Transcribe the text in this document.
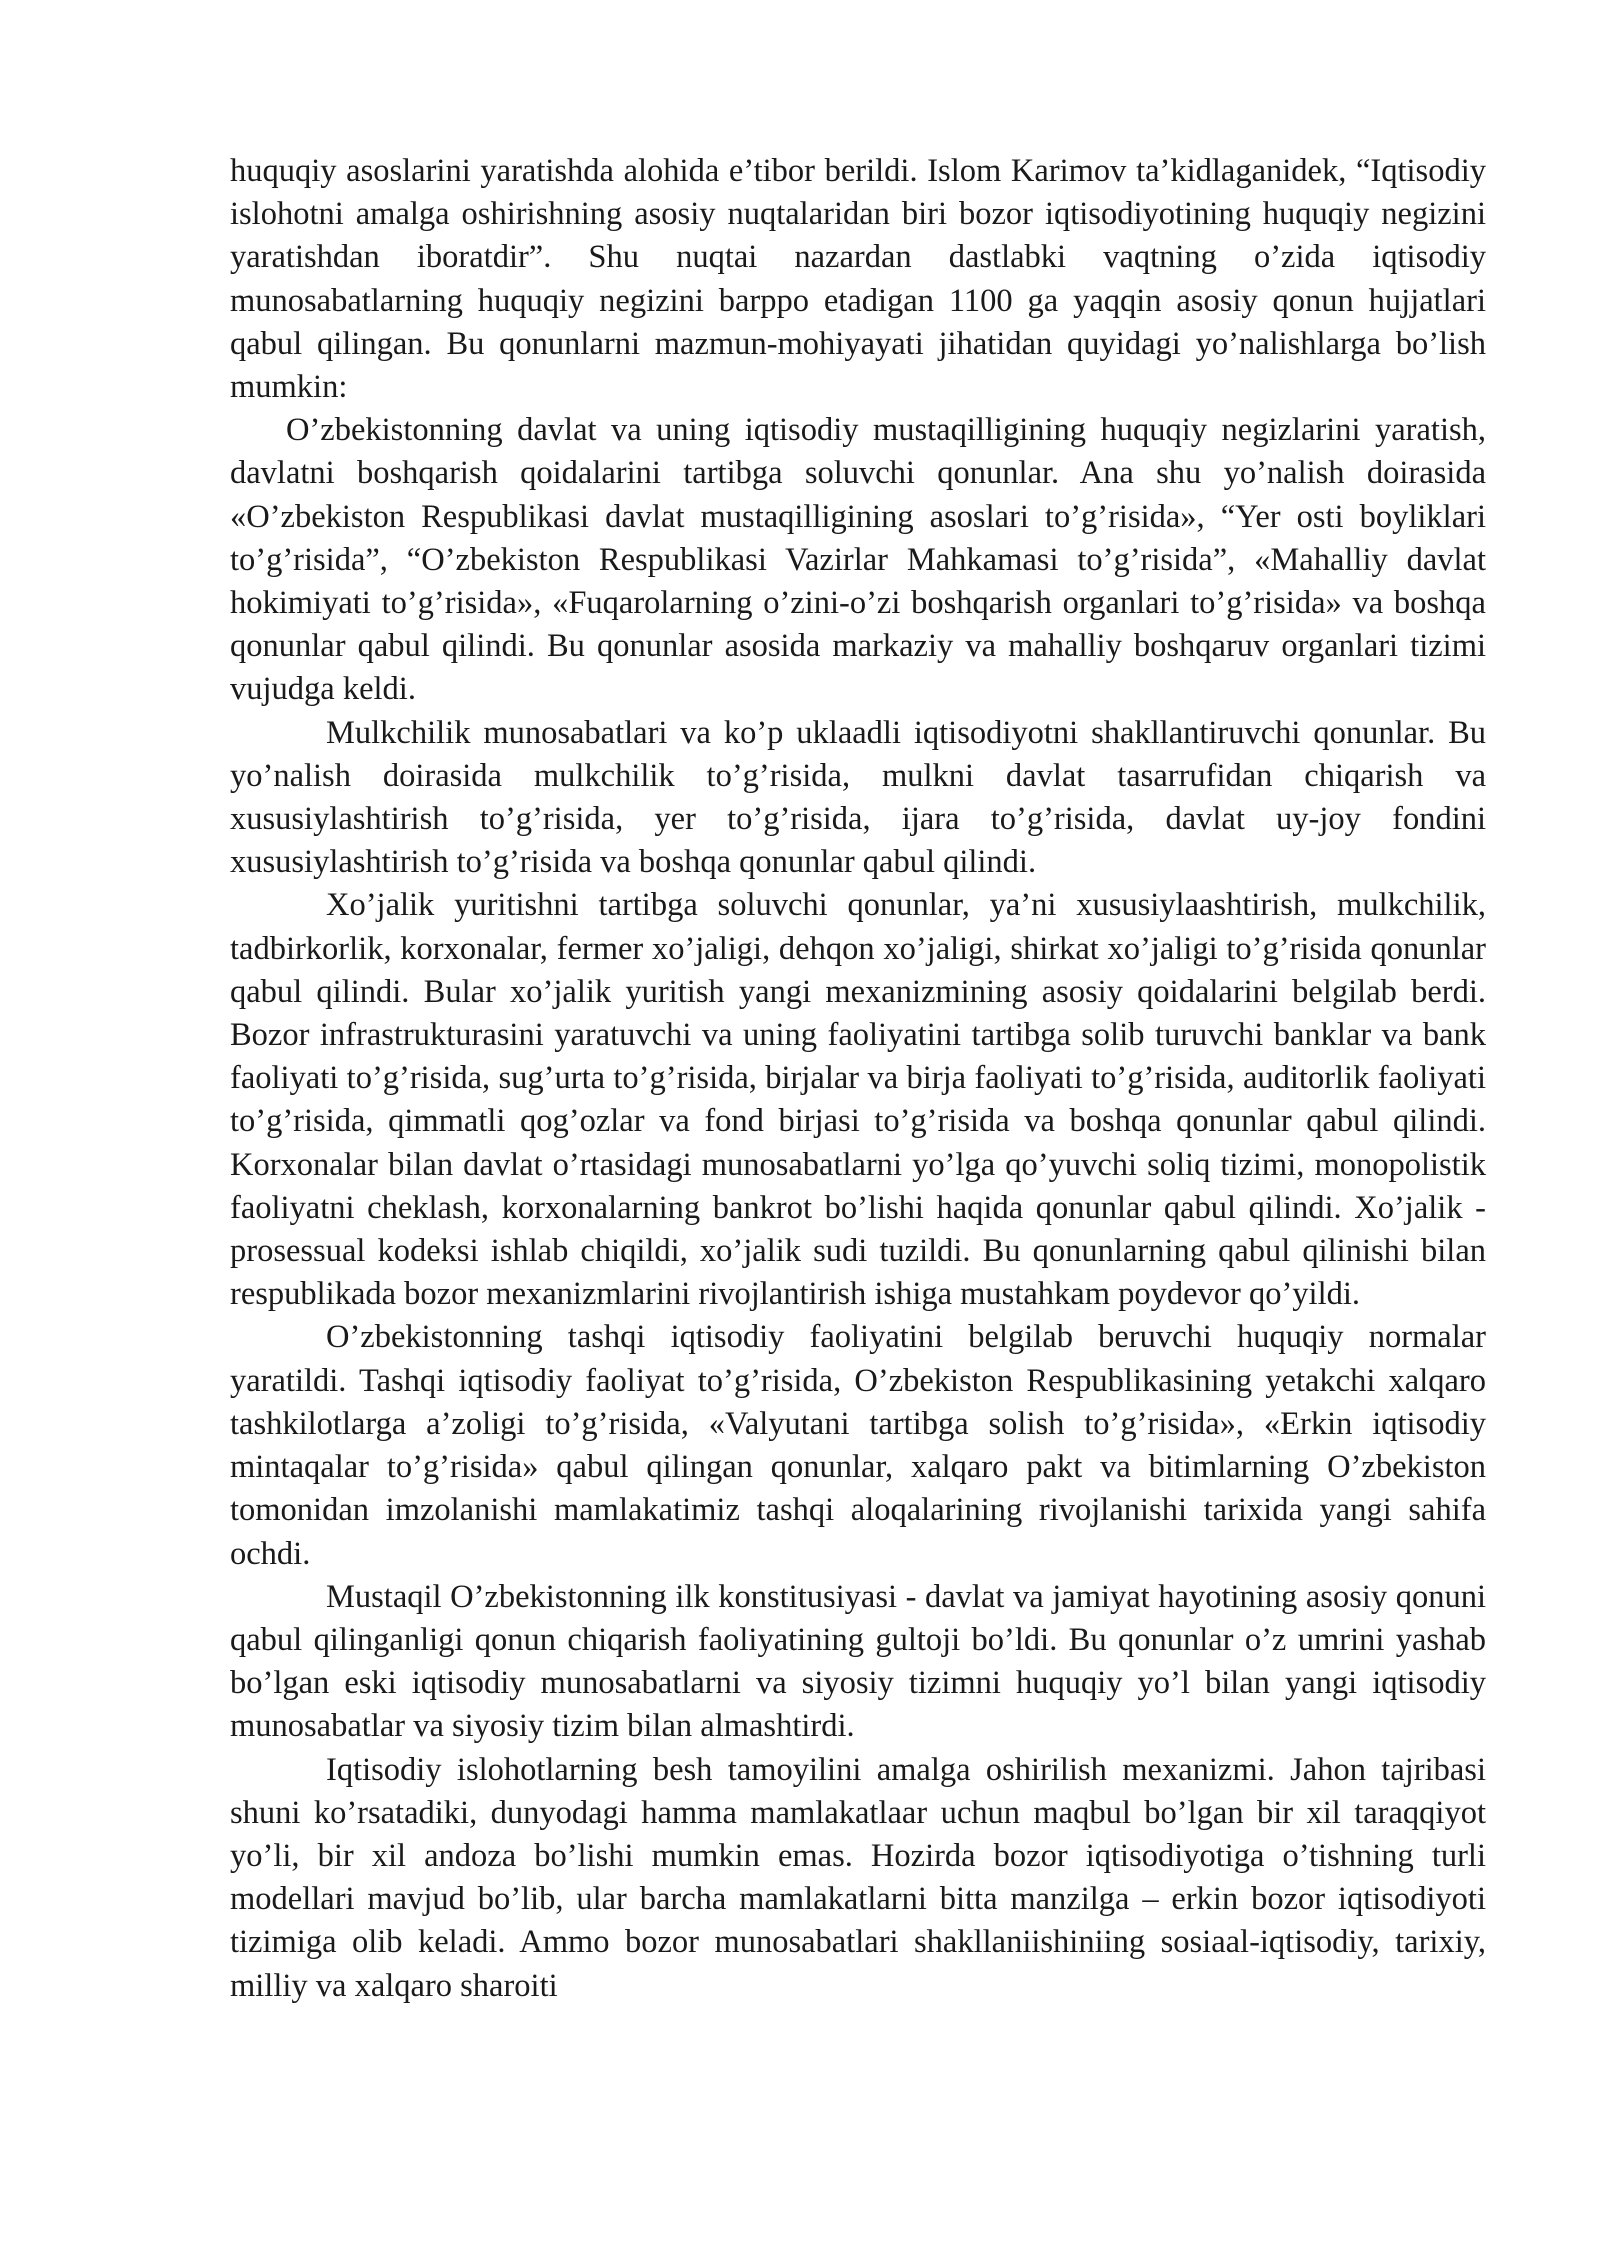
huquqiy asoslarini yaratishda alohida e’tibor berildi. Islom Karimov ta’kidlaganidek, “Iqtisodiy islohotni amalga oshirishning asosiy nuqtalaridan biri bozor iqtisodiyotining huquqiy negizini yaratishdan iboratdir”. Shu nuqtai nazardan dastlabki vaqtning o’zida iqtisodiy munosabatlarning huquqiy negizini barppo etadigan 1100 ga yaqqin asosiy qonun hujjatlari qabul qilingan. Bu qonunlarni mazmun-mohiyayati jihatidan quyidagi yo’nalishlarga bo’lish mumkin:

O’zbekistonning davlat va uning iqtisodiy mustaqilligining huquqiy negizlarini yaratish, davlatni boshqarish qoidalarini tartibga soluvchi qonunlar. Ana shu yo’nalish doirasida «O’zbekiston Respublikasi davlat mustaqilligining asoslari to’g’risida», “Yer osti boyliklari to’g’risida”, “O’zbekiston Respublikasi Vazirlar Mahkamasi to’g’risida”, «Mahalliy davlat hokimiyati to’g’risida», «Fuqarolarning o’zini-o’zi boshqarish organlari to’g’risida» va boshqa qonunlar qabul qilindi. Bu qonunlar asosida markaziy va mahalliy boshqaruv organlari tizimi vujudga keldi.

Mulkchilik munosabatlari va ko’p uklaadli iqtisodiyotni shakllantiruvchi qonunlar. Bu yo’nalish doirasida mulkchilik to’g’risida, mulkni davlat tasarrufidan chiqarish va xususiylashtirish to’g’risida, yer to’g’risida, ijara to’g’risida, davlat uy-joy fondini xususiylashtirish to’g’risida va boshqa qonunlar qabul qilindi.

Xo’jalik yuritishni tartibga soluvchi qonunlar, ya’ni xususiylaashtirish, mulkchilik, tadbirkorlik, korxonalar, fermer xo’jaligi, dehqon xo’jaligi, shirkat xo’jaligi to’g’risida qonunlar qabul qilindi. Bular xo’jalik yuritish yangi mexanizmining asosiy qoidalarini belgilab berdi. Bozor infrastrukturasini yaratuvchi va uning faoliyatini tartibga solib turuvchi banklar va bank faoliyati to’g’risida, sug’urta to’g’risida, birjalar va birja faoliyati to’g’risida, auditorlik faoliyati to’g’risida, qimmatli qog’ozlar va fond birjasi to’g’risida va boshqa qonunlar qabul qilindi. Korxonalar bilan davlat o’rtasidagi munosabatlarni yo’lga qo’yuvchi soliq tizimi, monopolistik faoliyatni cheklash, korxonalarning bankrot bo’lishi haqida qonunlar qabul qilindi. Xo’jalik - prosessual kodeksi ishlab chiqildi, xo’jalik sudi tuzildi. Bu qonunlarning qabul qilinishi bilan respublikada bozor mexanizmlarini rivojlantirish ishiga mustahkam poydevor qo’yildi.

O’zbekistonning tashqi iqtisodiy faoliyatini belgilab beruvchi huquqiy normalar yaratildi. Tashqi iqtisodiy faoliyat to’g’risida, O’zbekiston Respublikasining yetakchi xalqaro tashkilotlarga a’zoligi to’g’risida, «Valyutani tartibga solish to’g’risida», «Erkin iqtisodiy mintaqalar to’g’risida» qabul qilingan qonunlar, xalqaro pakt va bitimlarning O’zbekiston tomonidan imzolanishi mamlakatimiz tashqi aloqalarining rivojlanishi tarixida yangi sahifa ochdi.

Mustaqil O’zbekistonning ilk konstitusiyasi - davlat va jamiyat hayotining asosiy qonuni qabul qilinganligi qonun chiqarish faoliyatining gultoji bo’ldi. Bu qonunlar o’z umrini yashab bo’lgan eski iqtisodiy munosabatlarni va siyosiy tizimni huquqiy yo’l bilan yangi iqtisodiy munosabatlar va siyosiy tizim bilan almashtirdi.

Iqtisodiy islohotlarning besh tamoyilini amalga oshirilish mexanizmi. Jahon tajribasi shuni ko’rsatadiki, dunyodagi hamma mamlakatlaar uchun maqbul bo’lgan bir xil taraqqiyot yo’li, bir xil andoza bo’lishi mumkin emas. Hozirda bozor iqtisodiyotiga o’tishning turli modellari mavjud bo’lib, ular barcha mamlakatlarni bitta manzilga – erkin bozor iqtisodiyoti tizimiga olib keladi. Ammo bozor munosabatlari shakllaniishiniing sosiaal-iqtisodiy, tarixiy, milliy va xalqaro sharoiti
